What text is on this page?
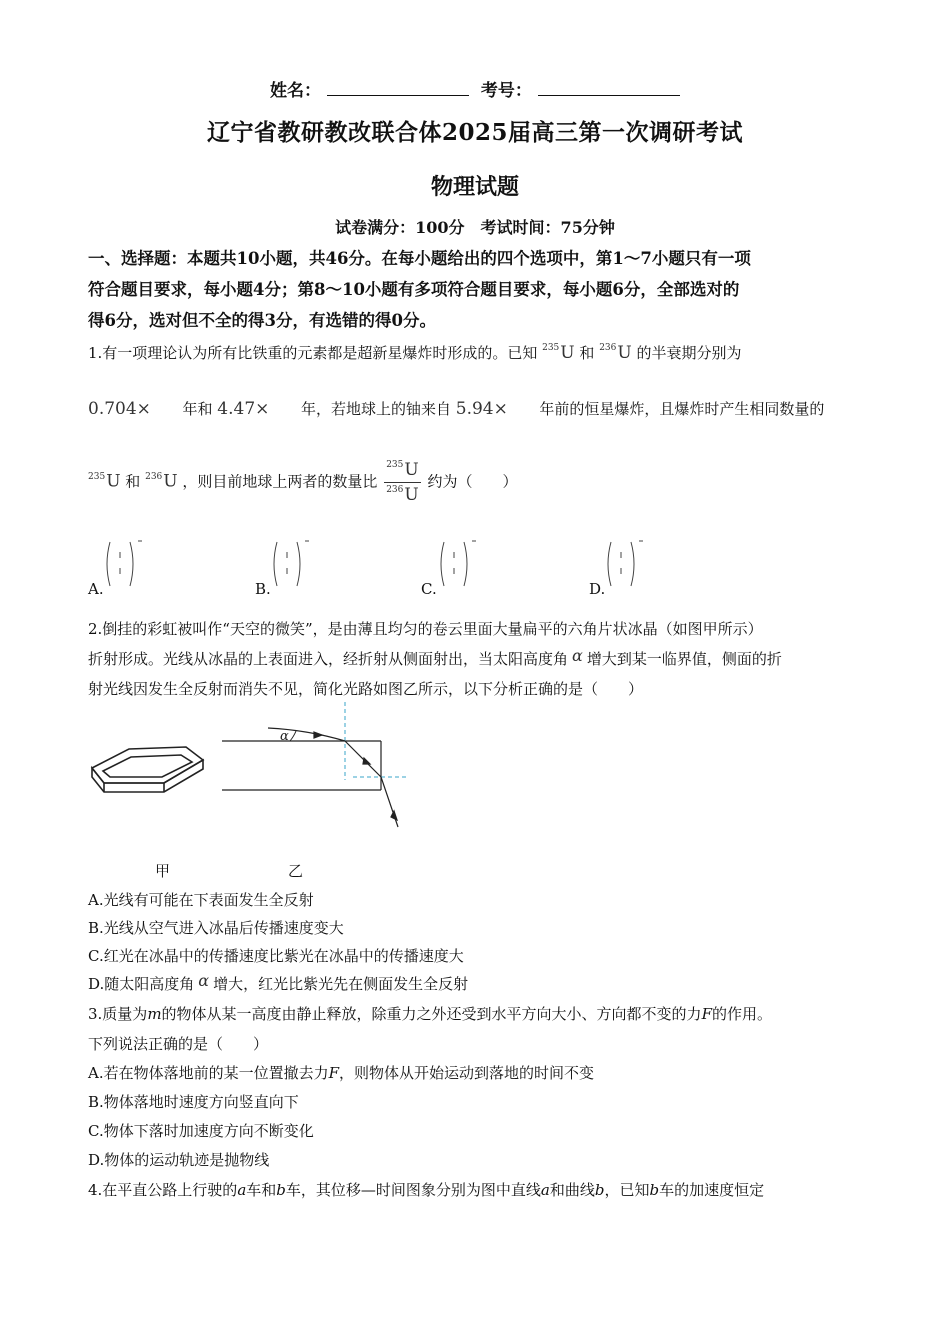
姓名：	考号：
辽宁省教研教改联合体2025届高三第一次调研考试
物理试题
试卷满分：100分　考试时间：75分钟
一、选择题：本题共10小题，共46分。在每小题给出的四个选项中，第1～7小题只有一项
符合题目要求，每小题4分；第8～10小题有多项符合题目要求，每小题6分，全部选对的
得6分，选对但不全的得3分，有选错的得0分。
1.有一项理论认为所有比铁重的元素都是超新星爆炸时形成的。已知 $^{235}$U 和 $^{236}$U 的半衰期分别为
0.704× 年和 4.47× 年，若地球上的铀来自 5.94× 年前的恒星爆炸，且爆炸时产生相同数量的
$^{235}$U 和 $^{236}$U ，则目前地球上两者的数量比 $\frac{^{235}U}{^{236}U}$ 约为（　　）
A.	B.	C.	D.
2.倒挂的彩虹被叫作“天空的微笑”，是由薄且均匀的卷云里面大量扁平的六角片状冰晶（如图甲所示）
折射形成。光线从冰晶的上表面进入，经折射从侧面射出，当太阳高度角 α 增大到某一临界值，侧面的折
射光线因发生全反射而消失不见，简化光路如图乙所示，以下分析正确的是（　　）
α
甲	乙
A.光线有可能在下表面发生全反射
B.光线从空气进入冰晶后传播速度变大
C.红光在冰晶中的传播速度比紫光在冰晶中的传播速度大
D.随太阳高度角 α 增大，红光比紫光先在侧面发生全反射
3.质量为m的物体从某一高度由静止释放，除重力之外还受到水平方向大小、方向都不变的力F的作用。
下列说法正确的是（　　）
A.若在物体落地前的某一位置撤去力F，则物体从开始运动到落地的时间不变
B.物体落地时速度方向竖直向下
C.物体下落时加速度方向不断变化
D.物体的运动轨迹是抛物线
4.在平直公路上行驶的a车和b车，其位移—时间图象分别为图中直线a和曲线b，已知b车的加速度恒定
